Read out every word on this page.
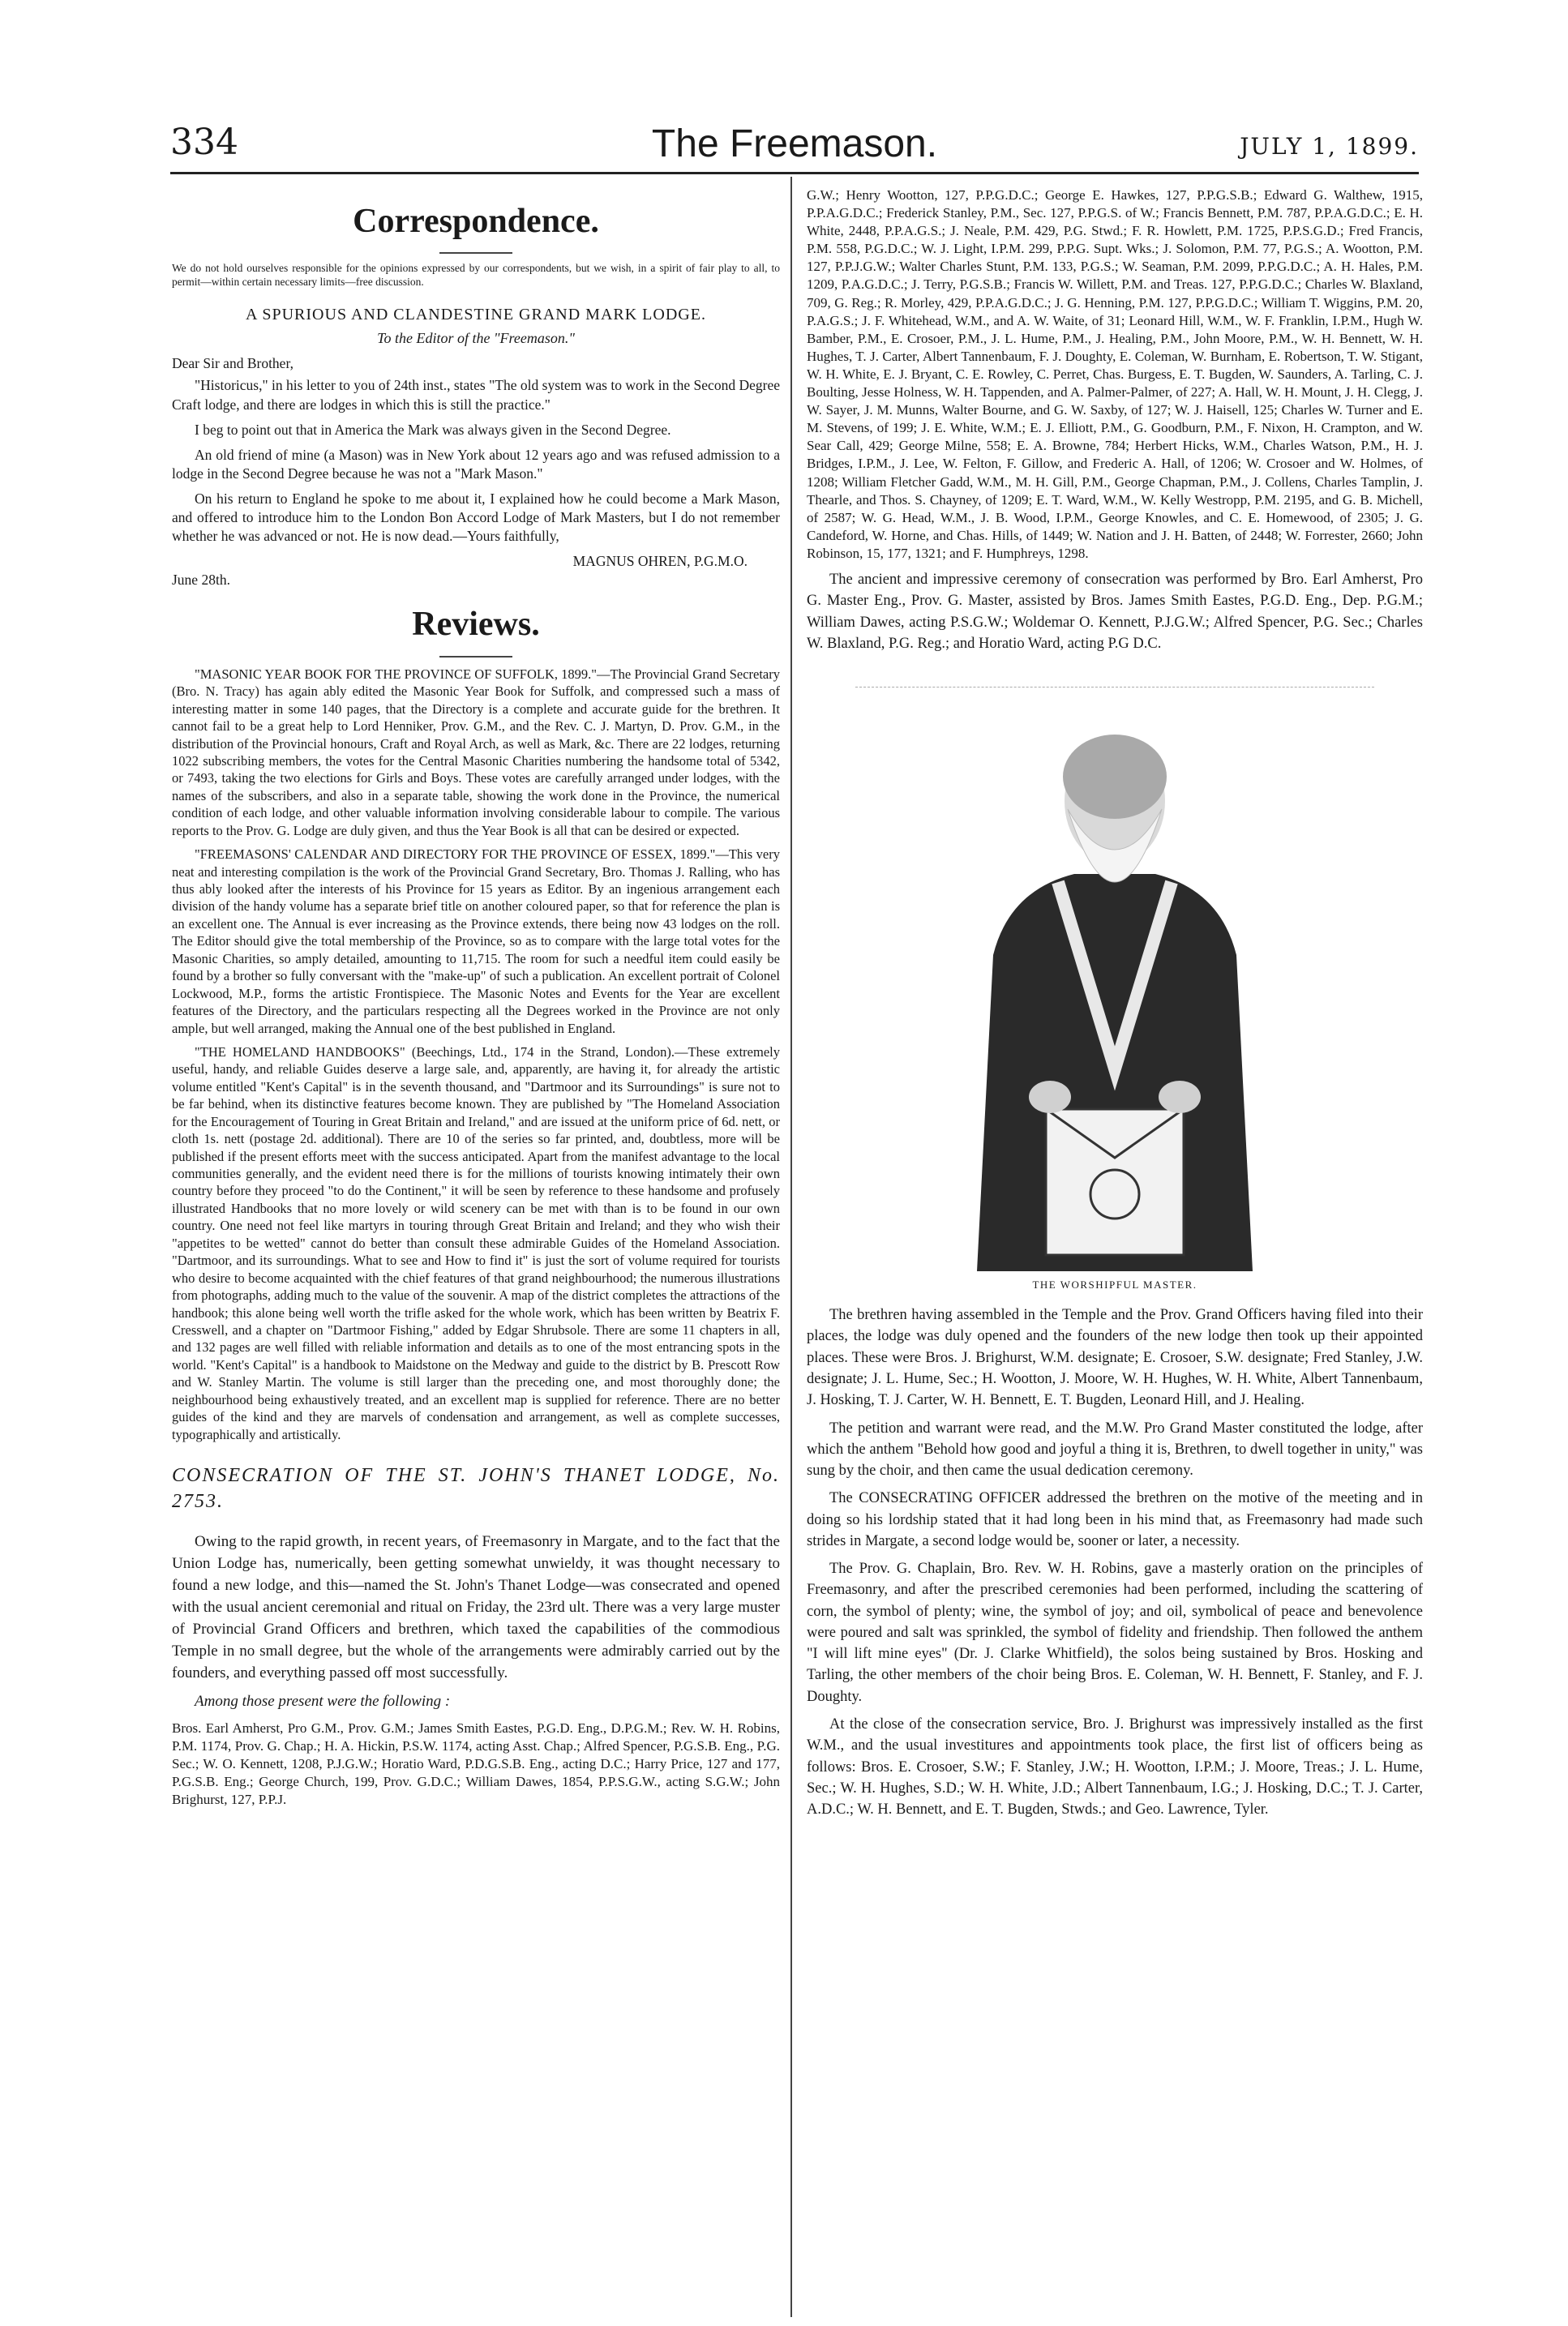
334	The Freemason.	JULY 1, 1899.
Correspondence.

We do not hold ourselves responsible for the opinions expressed by our correspondents, but we wish, in a spirit of fair play to all, to permit—within certain necessary limits—free discussion.

A SPURIOUS AND CLANDESTINE GRAND MARK LODGE.
To the Editor of the "Freemason."

Dear Sir and Brother,

"Historicus," in his letter to you of 24th inst., states "The old system was to work in the Second Degree Craft lodge, and there are lodges in which this is still the practice."

I beg to point out that in America the Mark was always given in the Second Degree.

An old friend of mine (a Mason) was in New York about 12 years ago and was refused admission to a lodge in the Second Degree because he was not a "Mark Mason."

On his return to England he spoke to me about it, I explained how he could become a Mark Mason, and offered to introduce him to the London Bon Accord Lodge of Mark Masters, but I do not remember whether he was advanced or not. He is now dead.—Yours faithfully,

MAGNUS OHREN, P.G.M.O.

June 28th.

Reviews.

"MASONIC YEAR BOOK FOR THE PROVINCE OF SUFFOLK, 1899."—The Provincial Grand Secretary (Bro. N. Tracy) has again ably edited the Masonic Year Book for Suffolk, and compressed such a mass of interesting matter in some 140 pages, that the Directory is a complete and accurate guide for the brethren. It cannot fail to be a great help to Lord Henniker, Prov. G.M., and the Rev. C. J. Martyn, D. Prov. G.M., in the distribution of the Provincial honours, Craft and Royal Arch, as well as Mark, &c. There are 22 lodges, returning 1022 subscribing members, the votes for the Central Masonic Charities numbering the handsome total of 5342, or 7493, taking the two elections for Girls and Boys. These votes are carefully arranged under lodges, with the names of the subscribers, and also in a separate table, showing the work done in the Province, the numerical condition of each lodge, and other valuable information involving considerable labour to compile. The various reports to the Prov. G. Lodge are duly given, and thus the Year Book is all that can be desired or expected.

"FREEMASONS' CALENDAR AND DIRECTORY FOR THE PROVINCE OF ESSEX, 1899."—This very neat and interesting compilation is the work of the Provincial Grand Secretary, Bro. Thomas J. Ralling, who has thus ably looked after the interests of his Province for 15 years as Editor. By an ingenious arrangement each division of the handy volume has a separate brief title on another coloured paper, so that for reference the plan is an excellent one. The Annual is ever increasing as the Province extends, there being now 43 lodges on the roll. The Editor should give the total membership of the Province, so as to compare with the large total votes for the Masonic Charities, so amply detailed, amounting to 11,715. The room for such a needful item could easily be found by a brother so fully conversant with the "make-up" of such a publication. An excellent portrait of Colonel Lockwood, M.P., forms the artistic Frontispiece. The Masonic Notes and Events for the Year are excellent features of the Directory, and the particulars respecting all the Degrees worked in the Province are not only ample, but well arranged, making the Annual one of the best published in England.

"THE HOMELAND HANDBOOKS" (Beechings, Ltd., 174 in the Strand, London).—These extremely useful, handy, and reliable Guides deserve a large sale, and, apparently, are having it, for already the artistic volume entitled "Kent's Capital" is in the seventh thousand, and "Dartmoor and its Surroundings" is sure not to be far behind, when its distinctive features become known. They are published by "The Homeland Association for the Encouragement of Touring in Great Britain and Ireland," and are issued at the uniform price of 6d. nett, or cloth 1s. nett (postage 2d. additional). There are 10 of the series so far printed, and, doubtless, more will be published if the present efforts meet with the success anticipated. Apart from the manifest advantage to the local communities generally, and the evident need there is for the millions of tourists knowing intimately their own country before they proceed "to do the Continent," it will be seen by reference to these handsome and profusely illustrated Handbooks that no more lovely or wild scenery can be met with than is to be found in our own country. One need not feel like martyrs in touring through Great Britain and Ireland; and they who wish their "appetites to be wetted" cannot do better than consult these admirable Guides of the Homeland Association. "Dartmoor, and its surroundings. What to see and How to find it" is just the sort of volume required for tourists who desire to become acquainted with the chief features of that grand neighbourhood; the numerous illustrations from photographs, adding much to the value of the souvenir. A map of the district completes the attractions of the handbook; this alone being well worth the trifle asked for the whole work, which has been written by Beatrix F. Cresswell, and a chapter on "Dartmoor Fishing," added by Edgar Shrubsole. There are some 11 chapters in all, and 132 pages are well filled with reliable information and details as to one of the most entrancing spots in the world. "Kent's Capital" is a handbook to Maidstone on the Medway and guide to the district by B. Prescott Row and W. Stanley Martin. The volume is still larger than the preceding one, and most thoroughly done; the neighbourhood being exhaustively treated, and an excellent map is supplied for reference. There are no better guides of the kind and they are marvels of condensation and arrangement, as well as complete successes, typographically and artistically.

CONSECRATION OF THE ST. JOHN'S THANET LODGE, No. 2753.

Owing to the rapid growth, in recent years, of Freemasonry in Margate, and to the fact that the Union Lodge has, numerically, been getting somewhat unwieldy, it was thought necessary to found a new lodge, and this—named the St. John's Thanet Lodge—was consecrated and opened with the usual ancient ceremonial and ritual on Friday, the 23rd ult. There was a very large muster of Provincial Grand Officers and brethren, which taxed the capabilities of the commodious Temple in no small degree, but the whole of the arrangements were admirably carried out by the founders, and everything passed off most successfully.

Among those present were the following :

Bros. Earl Amherst, Pro G.M., Prov. G.M.; James Smith Eastes, P.G.D. Eng., D.P.G.M.; Rev. W. H. Robins, P.M. 1174, Prov. G. Chap.; H. A. Hickin, P.S.W. 1174, acting Asst. Chap.; Alfred Spencer, P.G.S.B. Eng., P.G. Sec.; W. O. Kennett, 1208, P.J.G.W.; Horatio Ward, P.D.G.S.B. Eng., acting D.C.; Harry Price, 127 and 177, P.G.S.B. Eng.; George Church, 199, Prov. G.D.C.; William Dawes, 1854, P.P.S.G.W., acting S.G.W.; John Brighurst, 127, P.P.J.

G.W.; Henry Wootton, 127, P.P.G.D.C.; George E. Hawkes, 127, P.P.G.S.B.; Edward G. Walthew, 1915, P.P.A.G.D.C.; Frederick Stanley, P.M., Sec. 127, P.P.G.S. of W.; Francis Bennett, P.M. 787, P.P.A.G.D.C.; E. H. White, 2448, P.P.A.G.S.; J. Neale, P.M. 429, P.G. Stwd.; F. R. Howlett, P.M. 1725, P.P.S.G.D.; Fred Francis, P.M. 558, P.G.D.C.; W. J. Light, I.P.M. 299, P.P.G. Supt. Wks.; J. Solomon, P.M. 77, P.G.S.; A. Wootton, P.M. 127, P.P.J.G.W.; Walter Charles Stunt, P.M. 133, P.G.S.; W. Seaman, P.M. 2099, P.P.G.D.C.; A. H. Hales, P.M. 1209, P.A.G.D.C.; J. Terry, P.G.S.B.; Francis W. Willett, P.M. and Treas. 127, P.P.G.D.C.; Charles W. Blaxland, 709, G. Reg.; R. Morley, 429, P.P.A.G.D.C.; J. G. Henning, P.M. 127, P.P.G.D.C.; William T. Wiggins, P.M. 20, P.A.G.S.; J. F. Whitehead, W.M., and A. W. Waite, of 31; Leonard Hill, W.M., W. F. Franklin, I.P.M., Hugh W. Bamber, P.M., E. Crosoer, P.M., J. L. Hume, P.M., J. Healing, P.M., John Moore, P.M., W. H. Bennett, W. H. Hughes, T. J. Carter, Albert Tannenbaum, F. J. Doughty, E. Coleman, W. Burnham, E. Robertson, T. W. Stigant, W. H. White, E. J. Bryant, C. E. Rowley, C. Perret, Chas. Burgess, E. T. Bugden, W. Saunders, A. Tarling, C. J. Boulting, Jesse Holness, W. H. Tappenden, and A. Palmer-Palmer, of 227; A. Hall, W. H. Mount, J. H. Clegg, J. W. Sayer, J. M. Munns, Walter Bourne, and G. W. Saxby, of 127; W. J. Haisell, 125; Charles W. Turner and E. M. Stevens, of 199; J. E. White, W.M.; E. J. Elliott, P.M., G. Goodburn, P.M., F. Nixon, H. Crampton, and W. Sear Call, 429; George Milne, 558; E. A. Browne, 784; Herbert Hicks, W.M., Charles Watson, P.M., H. J. Bridges, I.P.M., J. Lee, W. Felton, F. Gillow, and Frederic A. Hall, of 1206; W. Crosoer and W. Holmes, of 1208; William Fletcher Gadd, W.M., M. H. Gill, P.M., George Chapman, P.M., J. Collens, Charles Tamplin, J. Thearle, and Thos. S. Chayney, of 1209; E. T. Ward, W.M., W. Kelly Westropp, P.M. 2195, and G. B. Michell, of 2587; W. G. Head, W.M., J. B. Wood, I.P.M., George Knowles, and C. E. Homewood, of 2305; J. G. Candeford, W. Horne, and Chas. Hills, of 1449; W. Nation and J. H. Batten, of 2448; W. Forrester, 2660; John Robinson, 15, 177, 1321; and F. Humphreys, 1298.

The ancient and impressive ceremony of consecration was performed by Bro. Earl Amherst, Pro G. Master Eng., Prov. G. Master, assisted by Bros. James Smith Eastes, P.G.D. Eng., Dep. P.G.M.; William Dawes, acting P.S.G.W.; Woldemar O. Kennett, P.J.G.W.; Alfred Spencer, P.G. Sec.; Charles W. Blaxland, P.G. Reg.; and Horatio Ward, acting P.G D.C.

THE WORSHIPFUL MASTER.

The brethren having assembled in the Temple and the Prov. Grand Officers having filed into their places, the lodge was duly opened and the founders of the new lodge then took up their appointed places. These were Bros. J. Brighurst, W.M. designate; E. Crosoer, S.W. designate; Fred Stanley, J.W. designate; J. L. Hume, Sec.; H. Wootton, J. Moore, W. H. Hughes, W. H. White, Albert Tannenbaum, J. Hosking, T. J. Carter, W. H. Bennett, E. T. Bugden, Leonard Hill, and J. Healing.

The petition and warrant were read, and the M.W. Pro Grand Master constituted the lodge, after which the anthem "Behold how good and joyful a thing it is, Brethren, to dwell together in unity," was sung by the choir, and then came the usual dedication ceremony.

The CONSECRATING OFFICER addressed the brethren on the motive of the meeting and in doing so his lordship stated that it had long been in his mind that, as Freemasonry had made such strides in Margate, a second lodge would be, sooner or later, a necessity.

The Prov. G. Chaplain, Bro. Rev. W. H. Robins, gave a masterly oration on the principles of Freemasonry, and after the prescribed ceremonies had been performed, including the scattering of corn, the symbol of plenty; wine, the symbol of joy; and oil, symbolical of peace and benevolence were poured and salt was sprinkled, the symbol of fidelity and friendship. Then followed the anthem "I will lift mine eyes" (Dr. J. Clarke Whitfield), the solos being sustained by Bros. Hosking and Tarling, the other members of the choir being Bros. E. Coleman, W. H. Bennett, F. Stanley, and F. J. Doughty.

At the close of the consecration service, Bro. J. Brighurst was impressively installed as the first W.M., and the usual investitures and appointments took place, the first list of officers being as follows: Bros. E. Crosoer, S.W.; F. Stanley, J.W.; H. Wootton, I.P.M.; J. Moore, Treas.; J. L. Hume, Sec.; W. H. Hughes, S.D.; W. H. White, J.D.; Albert Tannenbaum, I.G.; J. Hosking, D.C.; T. J. Carter, A.D.C.; W. H. Bennett, and E. T. Bugden, Stwds.; and Geo. Lawrence, Tyler.
